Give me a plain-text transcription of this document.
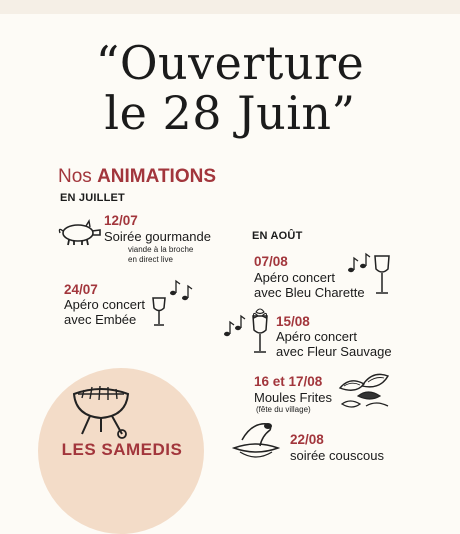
“Ouverture
le 28 Juin”
Nos ANIMATIONS
EN JUILLET
12/07
Soirée gourmande
viande à la broche
en direct live
24/07
Apéro concert
avec Embée
EN AOÛT
07/08
Apéro concert
avec Bleu Charette
15/08
Apéro concert
avec Fleur Sauvage
16 et 17/08
Moules Frites
(fête du village)
22/08
soirée couscous
LES SAMEDIS
